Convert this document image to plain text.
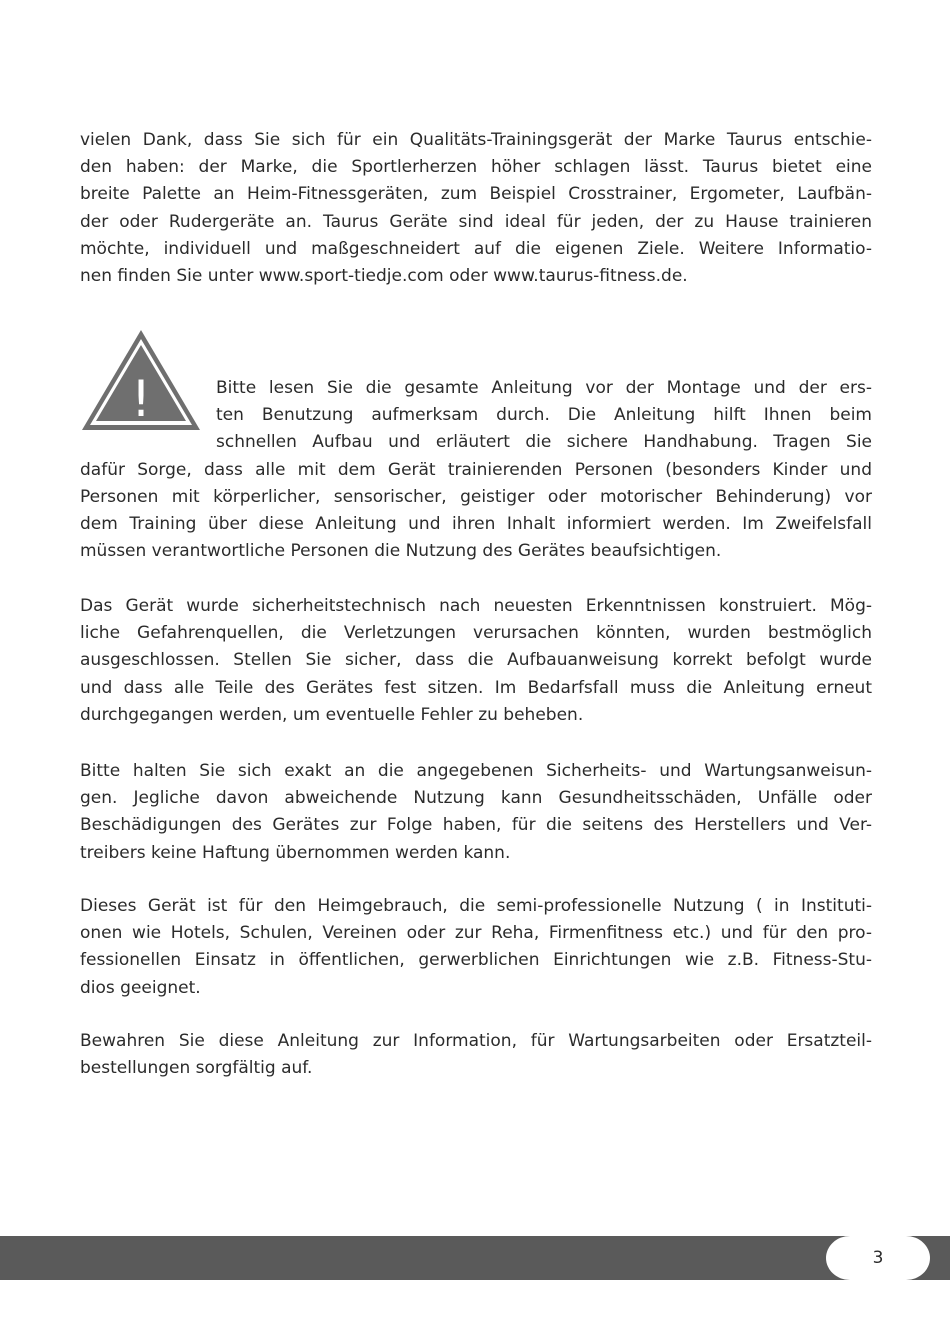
vielen Dank, dass Sie sich für ein Qualitäts-Trainingsgerät der Marke Taurus entschie-
den haben: der Marke, die Sportlerherzen höher schlagen lässt. Taurus bietet eine
breite Palette an Heim-Fitnessgeräten, zum Beispiel Crosstrainer, Ergometer, Laufbän-
der oder Rudergeräte an. Taurus Geräte sind ideal für jeden, der zu Hause trainieren
möchte, individuell und maßgeschneidert auf die eigenen Ziele. Weitere Informatio-
nen finden Sie unter www.sport-tiedje.com oder www.taurus-fitness.de.
!	Bitte lesen Sie die gesamte Anleitung vor der Montage und der ers-
ten Benutzung aufmerksam durch. Die Anleitung hilft Ihnen beim
schnellen Aufbau und erläutert die sichere Handhabung. Tragen Sie
dafür Sorge, dass alle mit dem Gerät trainierenden Personen (besonders Kinder und
Personen mit körperlicher, sensorischer, geistiger oder motorischer Behinderung) vor
dem Training über diese Anleitung und ihren Inhalt informiert werden. Im Zweifelsfall
müssen verantwortliche Personen die Nutzung des Gerätes beaufsichtigen.
Das Gerät wurde sicherheitstechnisch nach neuesten Erkenntnissen konstruiert. Mög-
liche Gefahrenquellen, die Verletzungen verursachen könnten, wurden bestmöglich
ausgeschlossen. Stellen Sie sicher, dass die Aufbauanweisung korrekt befolgt wurde
und dass alle Teile des Gerätes fest sitzen. Im Bedarfsfall muss die Anleitung erneut
durchgegangen werden, um eventuelle Fehler zu beheben.
Bitte halten Sie sich exakt an die angegebenen Sicherheits- und Wartungsanweisun-
gen. Jegliche davon abweichende Nutzung kann Gesundheitsschäden, Unfälle oder
Beschädigungen des Gerätes zur Folge haben, für die seitens des Herstellers und Ver-
treibers keine Haftung übernommen werden kann.
Dieses Gerät ist für den Heimgebrauch, die semi-professionelle Nutzung ( in Instituti-
onen wie Hotels, Schulen, Vereinen oder zur Reha, Firmenfitness etc.) und für den pro-
fessionellen Einsatz in öffentlichen, gerwerblichen Einrichtungen wie z.B. Fitness-Stu-
dios geeignet.
Bewahren Sie diese Anleitung zur Information, für Wartungsarbeiten oder Ersatzteil-
bestellungen sorgfältig auf.
3
